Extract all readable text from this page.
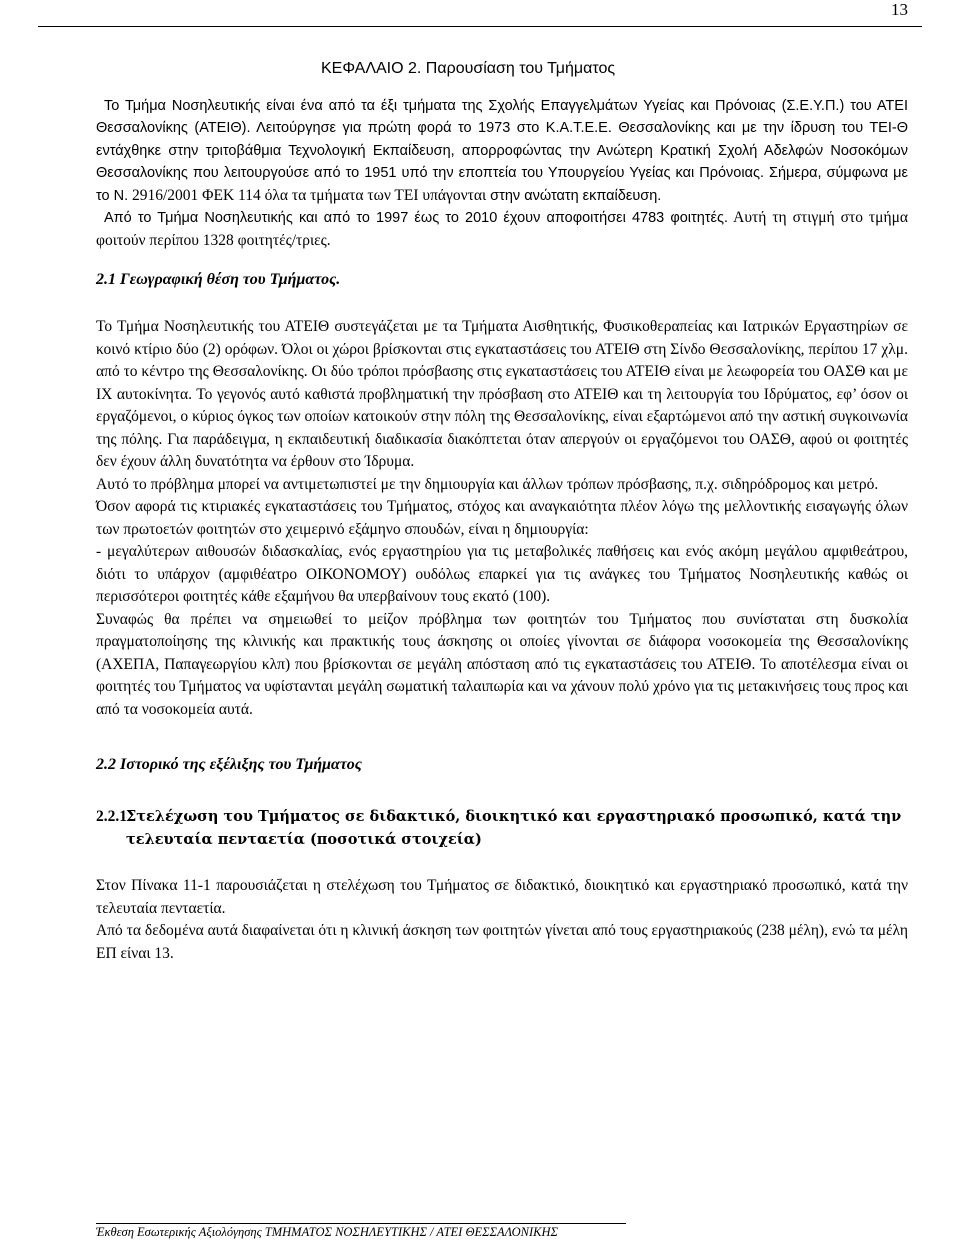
13
ΚΕΦΑΛΑΙΟ 2. Παρουσίαση του Τμήματος

Το Τμήμα Νοσηλευτικής είναι ένα από τα έξι τμήματα της Σχολής Επαγγελμάτων Υγείας και Πρόνοιας (Σ.Ε.Υ.Π.) του ΑΤΕΙ Θεσσαλονίκης (ΑΤΕΙΘ). Λειτούργησε για πρώτη φορά το 1973 στο Κ.Α.Τ.Ε.Ε. Θεσσαλονίκης και με την ίδρυση του ΤΕΙ-Θ εντάχθηκε στην τριτοβάθμια Τεχνολογική Εκπαίδευση, απορροφώντας την Ανώτερη Κρατική Σχολή Αδελφών Νοσοκόμων Θεσσαλονίκης που λειτουργούσε από το 1951 υπό την εποπτεία του Υπουργείου Υγείας και Πρόνοιας. Σήμερα, σύμφωνα με το Ν. 2916/2001 ΦΕΚ 114 όλα τα τμήματα των ΤΕΙ υπάγονται στην ανώτατη εκπαίδευση.

Από το Τμήμα Νοσηλευτικής και από το 1997 έως το 2010 έχουν αποφοιτήσει 4783 φοιτητές. Αυτή τη στιγμή στο τμήμα φοιτούν περίπου 1328 φοιτητές/τριες.

2.1 Γεωγραφική θέση του Τμήματος.

Το Τμήμα Νοσηλευτικής του ΑΤΕΙΘ συστεγάζεται με τα Τμήματα Αισθητικής, Φυσικοθεραπείας και Ιατρικών Εργαστηρίων σε κοινό κτίριο δύο (2) ορόφων. Όλοι οι χώροι βρίσκονται στις εγκαταστάσεις του ΑΤΕΙΘ στη Σίνδο Θεσσαλονίκης, περίπου 17 χλμ. από το κέντρο της Θεσσαλονίκης. Οι δύο τρόποι πρόσβασης στις εγκαταστάσεις του ΑΤΕΙΘ είναι με λεωφορεία του ΟΑΣΘ και με ΙΧ αυτοκίνητα. Το γεγονός αυτό καθιστά προβληματική την πρόσβαση στο ΑΤΕΙΘ και τη λειτουργία του Ιδρύματος, εφ’ όσον οι εργαζόμενοι, ο κύριος όγκος των οποίων κατοικούν στην πόλη της Θεσσαλονίκης, είναι εξαρτώμενοι από την αστική συγκοινωνία της πόλης. Για παράδειγμα, η εκπαιδευτική διαδικασία διακόπτεται όταν απεργούν οι εργαζόμενοι του ΟΑΣΘ, αφού οι φοιτητές δεν έχουν άλλη δυνατότητα να έρθουν στο Ίδρυμα.

Αυτό το πρόβλημα μπορεί να αντιμετωπιστεί με την δημιουργία και άλλων τρόπων πρόσβασης, π.χ. σιδηρόδρομος και μετρό.

Όσον αφορά τις κτιριακές εγκαταστάσεις του Τμήματος, στόχος και αναγκαιότητα πλέον λόγω της μελλοντικής εισαγωγής όλων των πρωτοετών φοιτητών στο χειμερινό εξάμηνο σπουδών, είναι η δημιουργία:

- μεγαλύτερων αιθουσών διδασκαλίας, ενός εργαστηρίου για τις μεταβολικές παθήσεις και ενός ακόμη μεγάλου αμφιθεάτρου, διότι το υπάρχον (αμφιθέατρο ΟΙΚΟΝΟΜΟΥ) ουδόλως επαρκεί για τις ανάγκες του Τμήματος Νοσηλευτικής καθώς οι περισσότεροι φοιτητές κάθε εξαμήνου θα υπερβαίνουν τους εκατό (100).

Συναφώς θα πρέπει να σημειωθεί το μείζον πρόβλημα των φοιτητών του Τμήματος που συνίσταται στη δυσκολία πραγματοποίησης της κλινικής και πρακτικής τους άσκησης οι οποίες γίνονται σε διάφορα νοσοκομεία της Θεσσαλονίκης (ΑΧΕΠΑ, Παπαγεωργίου κλπ) που βρίσκονται σε μεγάλη απόσταση από τις εγκαταστάσεις του ΑΤΕΙΘ. Το αποτέλεσμα είναι οι φοιτητές του Τμήματος να υφίστανται μεγάλη σωματική ταλαιπωρία και να χάνουν πολύ χρόνο για τις μετακινήσεις τους προς και από τα νοσοκομεία αυτά.

2.2 Ιστορικό της εξέλιξης του Τμήματος
2.2.1 Στελέχωση του Τμήματος σε διδακτικό, διοικητικό και εργαστηριακό προσωπικό, κατά την τελευταία πενταετία (ποσοτικά στοιχεία)

Στον Πίνακα 11-1 παρουσιάζεται η στελέχωση του Τμήματος σε διδακτικό, διοικητικό και εργαστηριακό προσωπικό, κατά την τελευταία πενταετία.

Από τα δεδομένα αυτά διαφαίνεται ότι η κλινική άσκηση των φοιτητών γίνεται από τους εργαστηριακούς (238 μέλη), ενώ τα μέλη ΕΠ είναι 13.

Έκθεση Εσωτερικής Αξιολόγησης ΤΜΗΜΑΤΟΣ ΝΟΣΗΛΕΥΤΙΚΗΣ / ΑΤΕΙ ΘΕΣΣΑΛΟΝΙΚΗΣ
